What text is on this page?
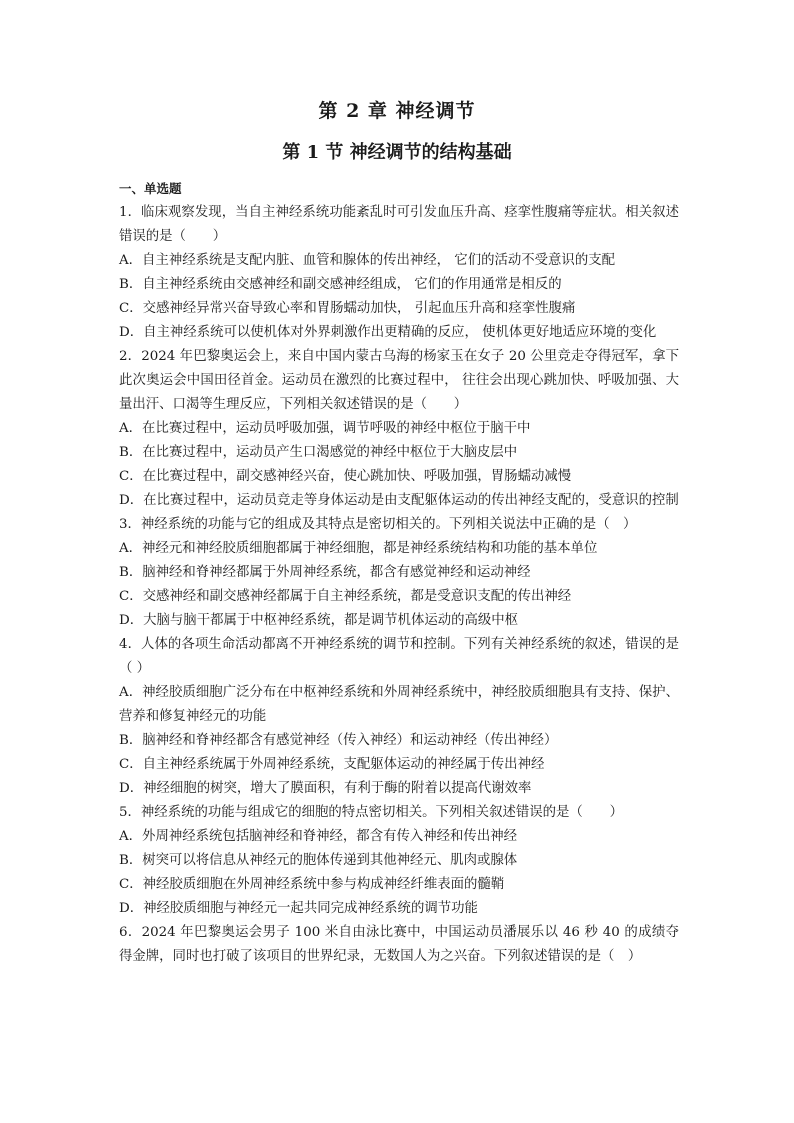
第 2 章 神经调节
第 1 节 神经调节的结构基础

一、单选题

1．临床观察发现，当自主神经系统功能紊乱时可引发血压升高、痉挛性腹痛等症状。相关叙述错误的是（　　）

A．自主神经系统是支配内脏、血管和腺体的传出神经， 它们的活动不受意识的支配

B．自主神经系统由交感神经和副交感神经组成， 它们的作用通常是相反的

C．交感神经异常兴奋导致心率和胃肠蠕动加快， 引起血压升高和痉挛性腹痛

D．自主神经系统可以使机体对外界刺激作出更精确的反应， 使机体更好地适应环境的变化

2．2024 年巴黎奥运会上，来自中国内蒙古乌海的杨家玉在女子 20 公里竞走夺得冠军，拿下此次奥运会中国田径首金。运动员在激烈的比赛过程中， 往往会出现心跳加快、呼吸加强、大量出汗、口渴等生理反应，下列相关叙述错误的是（　　）

A．在比赛过程中，运动员呼吸加强，调节呼吸的神经中枢位于脑干中

B．在比赛过程中，运动员产生口渴感觉的神经中枢位于大脑皮层中

C．在比赛过程中，副交感神经兴奋，使心跳加快、呼吸加强，胃肠蠕动减慢

D．在比赛过程中，运动员竞走等身体运动是由支配躯体运动的传出神经支配的，受意识的控制

3．神经系统的功能与它的组成及其特点是密切相关的。下列相关说法中正确的是（　）

A．神经元和神经胶质细胞都属于神经细胞，都是神经系统结构和功能的基本单位

B．脑神经和脊神经都属于外周神经系统，都含有感觉神经和运动神经

C．交感神经和副交感神经都属于自主神经系统，都是受意识支配的传出神经

D．大脑与脑干都属于中枢神经系统，都是调节机体运动的高级中枢

4．人体的各项生命活动都离不开神经系统的调节和控制。下列有关神经系统的叙述，错误的是（ ）

A．神经胶质细胞广泛分布在中枢神经系统和外周神经系统中，神经胶质细胞具有支持、保护、营养和修复神经元的功能

B．脑神经和脊神经都含有感觉神经（传入神经）和运动神经（传出神经）

C．自主神经系统属于外周神经系统，支配躯体运动的神经属于传出神经

D．神经细胞的树突，增大了膜面积，有利于酶的附着以提高代谢效率

5．神经系统的功能与组成它的细胞的特点密切相关。下列相关叙述错误的是（　　）

A．外周神经系统包括脑神经和脊神经，都含有传入神经和传出神经

B．树突可以将信息从神经元的胞体传递到其他神经元、肌肉或腺体

C．神经胶质细胞在外周神经系统中参与构成神经纤维表面的髓鞘

D．神经胶质细胞与神经元一起共同完成神经系统的调节功能

6．2024 年巴黎奥运会男子 100 米自由泳比赛中，中国运动员潘展乐以 46 秒 40 的成绩夺得金牌，同时也打破了该项目的世界纪录，无数国人为之兴奋。下列叙述错误的是（　）
